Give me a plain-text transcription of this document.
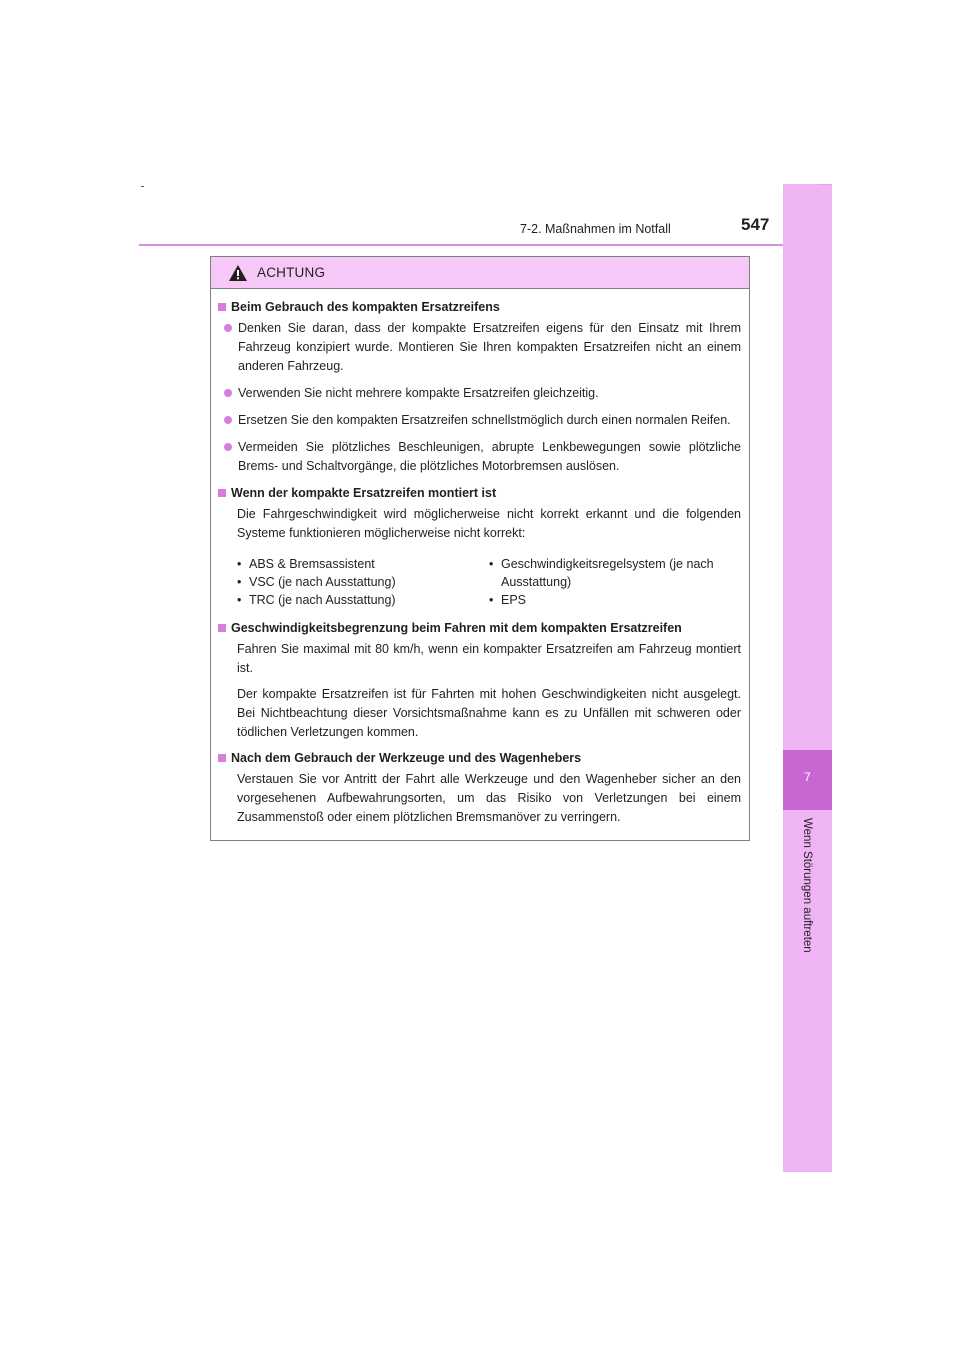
7-2. Maßnahmen im Notfall	547
7
Wenn Störungen auftreten
ACHTUNG
Beim Gebrauch des kompakten Ersatzreifens
Denken Sie daran, dass der kompakte Ersatzreifen eigens für den Einsatz mit Ihrem Fahrzeug konzipiert wurde. Montieren Sie Ihren kompakten Ersatzreifen nicht an einem anderen Fahrzeug.
Verwenden Sie nicht mehrere kompakte Ersatzreifen gleichzeitig.
Ersetzen Sie den kompakten Ersatzreifen schnellstmöglich durch einen normalen Reifen.
Vermeiden Sie plötzliches Beschleunigen, abrupte Lenkbewegungen sowie plötzliche Brems- und Schaltvorgänge, die plötzliches Motorbremsen auslösen.
Wenn der kompakte Ersatzreifen montiert ist
Die Fahrgeschwindigkeit wird möglicherweise nicht korrekt erkannt und die folgenden Systeme funktionieren möglicherweise nicht korrekt:
• ABS & Bremsassistent
• VSC (je nach Ausstattung)
• TRC (je nach Ausstattung)
• Geschwindigkeitsregelsystem (je nach Ausstattung)
• EPS
Geschwindigkeitsbegrenzung beim Fahren mit dem kompakten Ersatzreifen
Fahren Sie maximal mit 80 km/h, wenn ein kompakter Ersatzreifen am Fahrzeug montiert ist.
Der kompakte Ersatzreifen ist für Fahrten mit hohen Geschwindigkeiten nicht ausgelegt. Bei Nichtbeachtung dieser Vorsichtsmaßnahme kann es zu Unfällen mit schweren oder tödlichen Verletzungen kommen.
Nach dem Gebrauch der Werkzeuge und des Wagenhebers
Verstauen Sie vor Antritt der Fahrt alle Werkzeuge und den Wagenheber sicher an den vorgesehenen Aufbewahrungsorten, um das Risiko von Verletzungen bei einem Zusammenstoß oder einem plötzlichen Bremsmanöver zu verringern.
